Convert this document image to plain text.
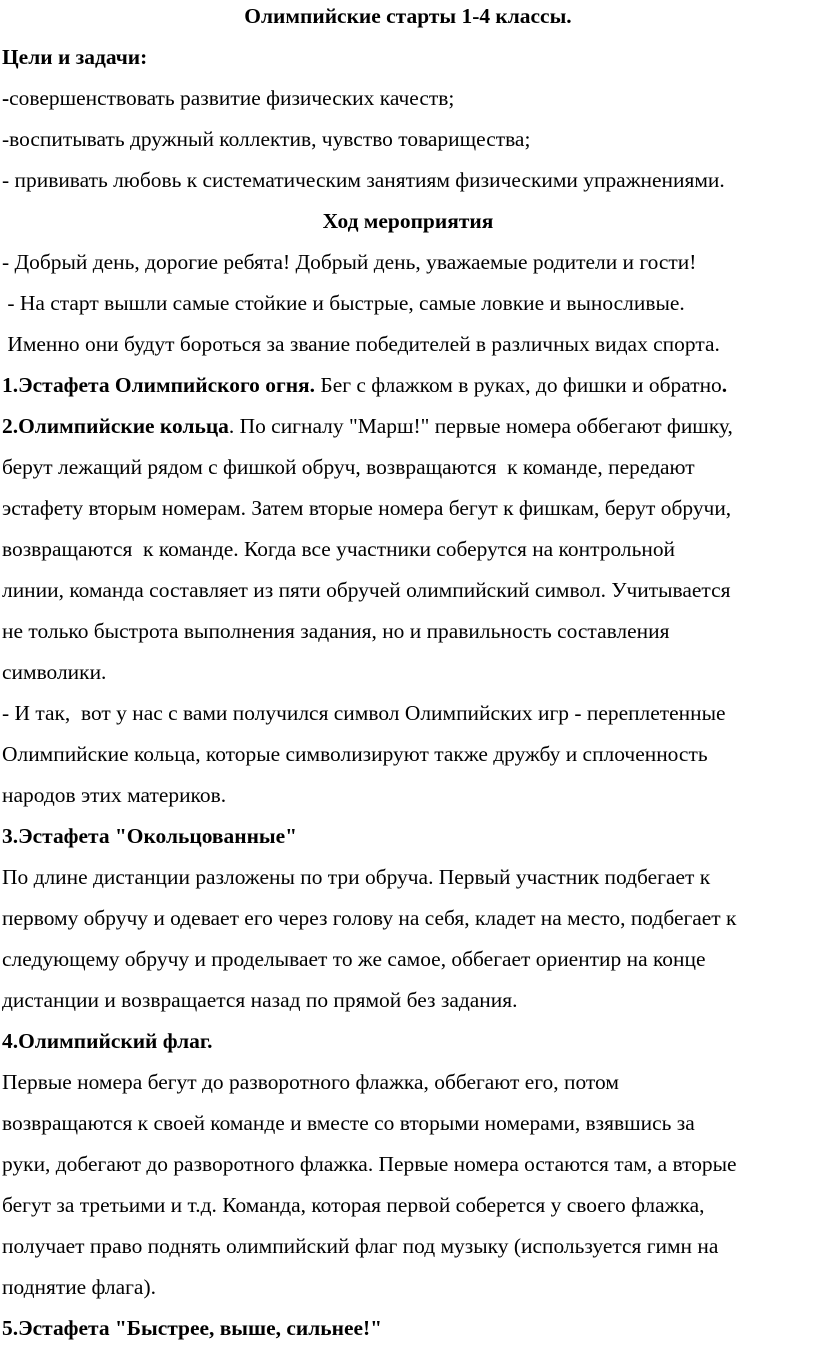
Олимпийские старты 1-4 классы.
Цели и задачи:
-совершенствовать развитие физических качеств;
-воспитывать дружный коллектив, чувство товарищества;
- прививать любовь к систематическим занятиям физическими упражнениями.
Ход мероприятия
- Добрый день, дорогие ребята! Добрый день, уважаемые родители и гости!
- На старт вышли самые стойкие и быстрые, самые ловкие и выносливые.
Именно они будут бороться за звание победителей в различных видах спорта.
1.Эстафета Олимпийского огня. Бег с флажком в руках, до фишки и обратно.
2.Олимпийские кольца. По сигналу "Марш!" первые номера оббегают фишку,
берут лежащий рядом с фишкой обруч, возвращаются  к команде, передают
эстафету вторым номерам. Затем вторые номера бегут к фишкам, берут обручи,
возвращаются  к команде. Когда все участники соберутся на контрольной
линии, команда составляет из пяти обручей олимпийский символ. Учитывается
не только быстрота выполнения задания, но и правильность составления
символики.
- И так,  вот у нас с вами получился символ Олимпийских игр - переплетенные
Олимпийские кольца, которые символизируют также дружбу и сплоченность
народов этих материков.
3.Эстафета "Окольцованные"
По длине дистанции разложены по три обруча. Первый участник подбегает к
первому обручу и одевает его через голову на себя, кладет на место, подбегает к
следующему обручу и проделывает то же самое, оббегает ориентир на конце
дистанции и возвращается назад по прямой без задания.
4.Олимпийский флаг.
Первые номера бегут до разворотного флажка, оббегают его, потом
возвращаются к своей команде и вместе со вторыми номерами, взявшись за
руки, добегают до разворотного флажка. Первые номера остаются там, а вторые
бегут за третьими и т.д. Команда, которая первой соберется у своего флажка,
получает право поднять олимпийский флаг под музыку (используется гимн на
поднятие флага).
5.Эстафета "Быстрее, выше, сильнее!"
